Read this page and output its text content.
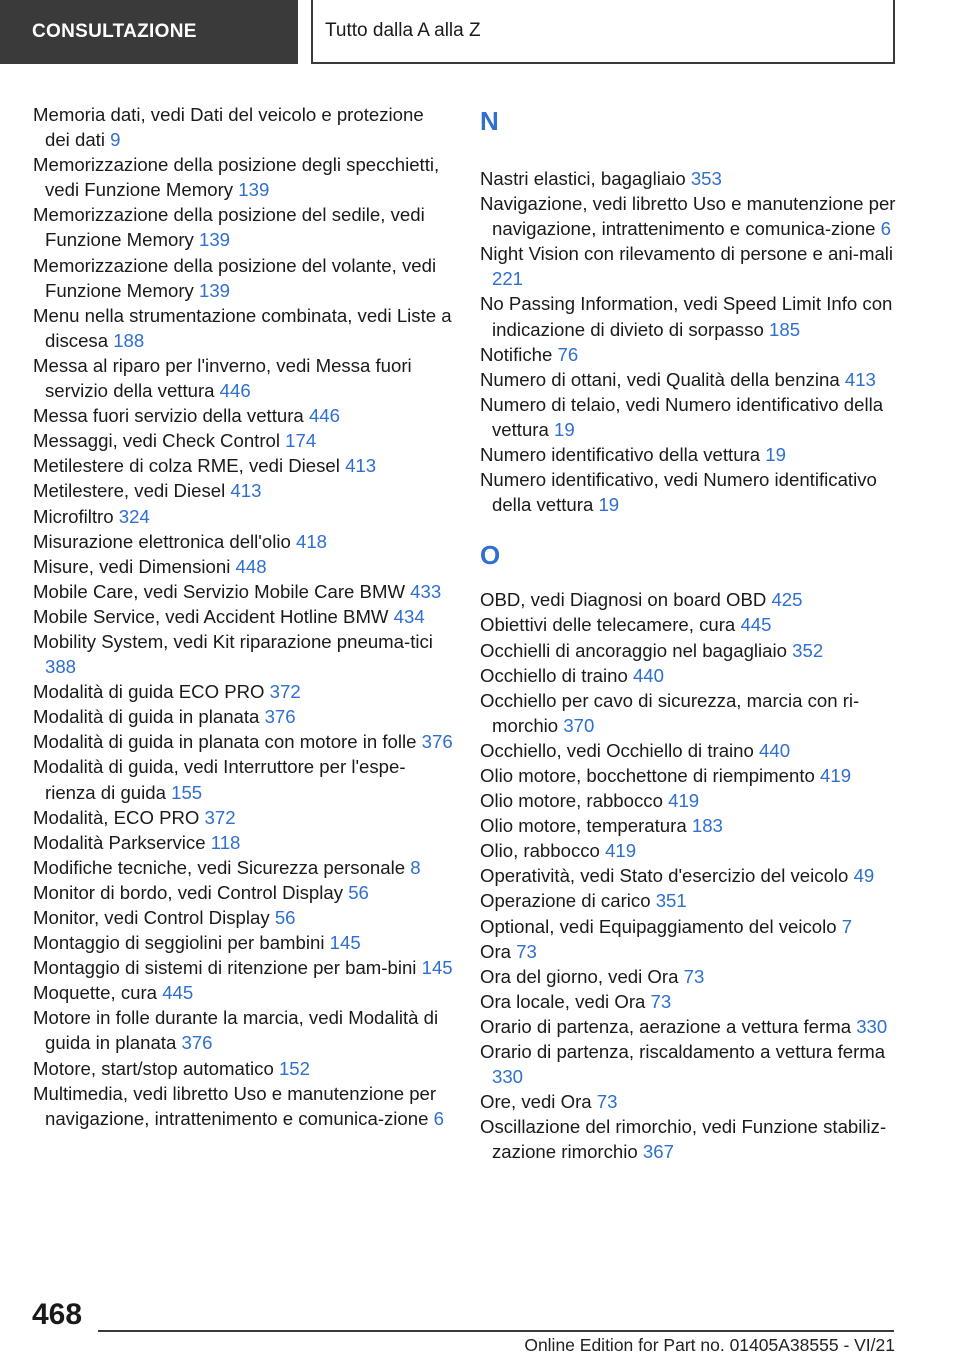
CONSULTAZIONE	Tutto dalla A alla Z
Memoria dati, vedi Dati del veicolo e protezione dei dati 9
Memorizzazione della posizione degli specchietti, vedi Funzione Memory 139
Memorizzazione della posizione del sedile, vedi Funzione Memory 139
Memorizzazione della posizione del volante, vedi Funzione Memory 139
Menu nella strumentazione combinata, vedi Liste a discesa 188
Messa al riparo per l'inverno, vedi Messa fuori servizio della vettura 446
Messa fuori servizio della vettura 446
Messaggi, vedi Check Control 174
Metilestere di colza RME, vedi Diesel 413
Metilestere, vedi Diesel 413
Microfiltro 324
Misurazione elettronica dell'olio 418
Misure, vedi Dimensioni 448
Mobile Care, vedi Servizio Mobile Care BMW 433
Mobile Service, vedi Accident Hotline BMW 434
Mobility System, vedi Kit riparazione pneuma-tici 388
Modalità di guida ECO PRO 372
Modalità di guida in planata 376
Modalità di guida in planata con motore in folle 376
Modalità di guida, vedi Interruttore per l'espe-rienza di guida 155
Modalità, ECO PRO 372
Modalità Parkservice 118
Modifiche tecniche, vedi Sicurezza personale 8
Monitor di bordo, vedi Control Display 56
Monitor, vedi Control Display 56
Montaggio di seggiolini per bambini 145
Montaggio di sistemi di ritenzione per bam-bini 145
Moquette, cura 445
Motore in folle durante la marcia, vedi Modalità di guida in planata 376
Motore, start/stop automatico 152
Multimedia, vedi libretto Uso e manutenzione per navigazione, intrattenimento e comunica-zione 6
N
Nastri elastici, bagagliaio 353
Navigazione, vedi libretto Uso e manutenzione per navigazione, intrattenimento e comunica-zione 6
Night Vision con rilevamento di persone e ani-mali 221
No Passing Information, vedi Speed Limit Info con indicazione di divieto di sorpasso 185
Notifiche 76
Numero di ottani, vedi Qualità della benzina 413
Numero di telaio, vedi Numero identificativo della vettura 19
Numero identificativo della vettura 19
Numero identificativo, vedi Numero identificativo della vettura 19
O
OBD, vedi Diagnosi on board OBD 425
Obiettivi delle telecamere, cura 445
Occhielli di ancoraggio nel bagagliaio 352
Occhiello di traino 440
Occhiello per cavo di sicurezza, marcia con ri-morchio 370
Occhiello, vedi Occhiello di traino 440
Olio motore, bocchettone di riempimento 419
Olio motore, rabbocco 419
Olio motore, temperatura 183
Olio, rabbocco 419
Operatività, vedi Stato d'esercizio del veicolo 49
Operazione di carico 351
Optional, vedi Equipaggiamento del veicolo 7
Ora 73
Ora del giorno, vedi Ora 73
Ora locale, vedi Ora 73
Orario di partenza, aerazione a vettura ferma 330
Orario di partenza, riscaldamento a vettura ferma 330
Ore, vedi Ora 73
Oscillazione del rimorchio, vedi Funzione stabiliz-zazione rimorchio 367
468
Online Edition for Part no. 01405A38555 - VI/21
